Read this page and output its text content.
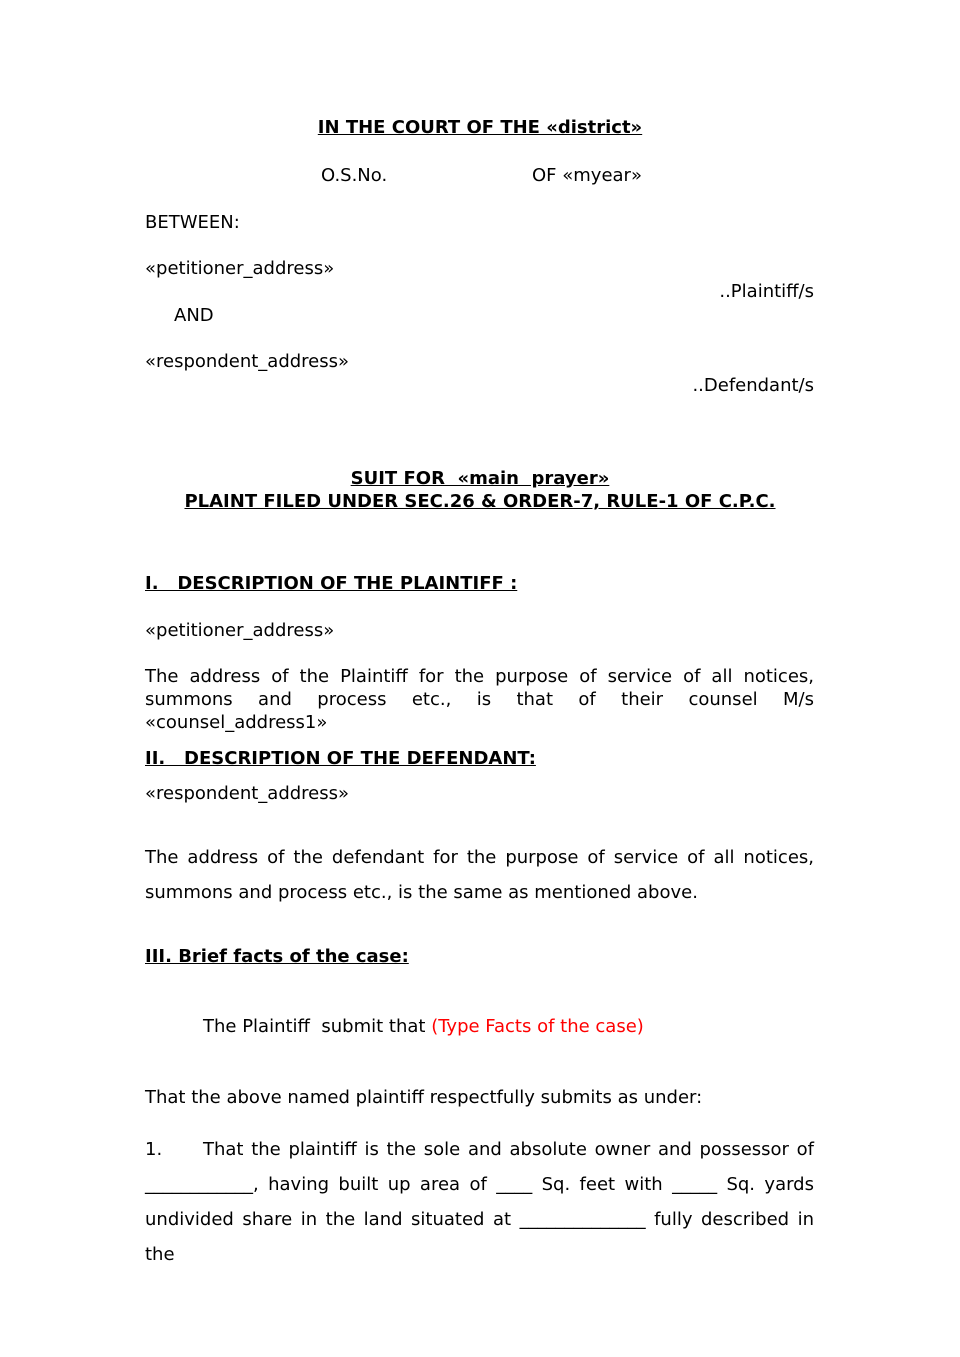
IN THE COURT OF THE «district»
O.S.No.	OF «myear»
BETWEEN:
«petitioner_address»
..Plaintiff/s
AND
«respondent_address»
..Defendant/s
SUIT FOR  «main  prayer»
PLAINT FILED UNDER SEC.26 & ORDER-7, RULE-1 OF C.P.C.
I.   DESCRIPTION OF THE PLAINTIFF :
«petitioner_address»
The address of the Plaintiff for the purpose of service of all notices, summons and process etc., is that of their counsel M/s «counsel_address1»
II.   DESCRIPTION OF THE DEFENDANT:
«respondent_address»
The address of the defendant for the purpose of service of all notices, summons and process etc., is the same as mentioned above.
III. Brief facts of the case:
The Plaintiff  submit that (Type Facts of the case)
That the above named plaintiff respectfully submits as under:
1. That the plaintiff is the sole and absolute owner and possessor of ____________, having built up area of ____ Sq. feet with _____ Sq. yards undivided share in the land situated at ______________ fully described in the
